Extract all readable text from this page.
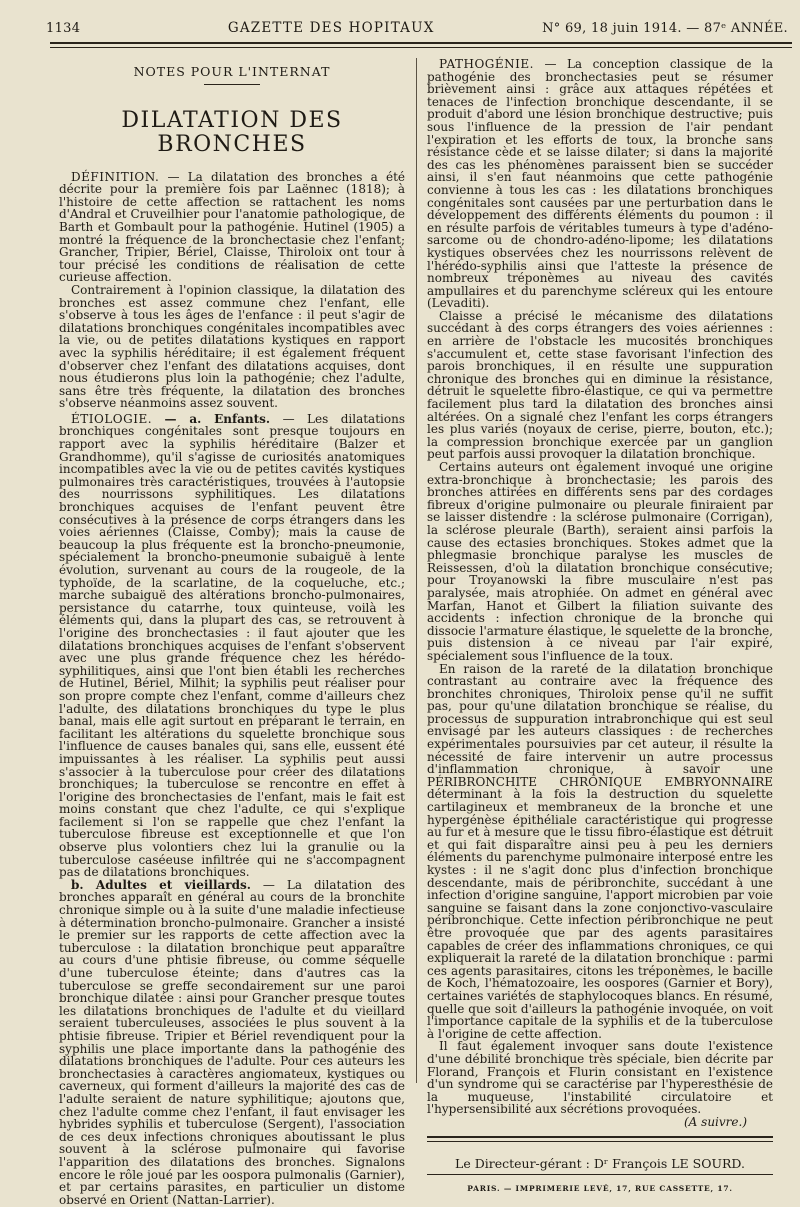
1134	GAZETTE DES HOPITAUX	N° 69, 18 juin 1914. — 87ᵉ ANNÉE.
NOTES POUR L'INTERNAT
DILATATION DES BRONCHES

DÉFINITION. — La dilatation des bronches a été décrite pour la première fois par Laënnec (1818); à l'histoire de cette affection se rattachent les noms d'Andral et Cruveilhier pour l'anatomie pathologique, de Barth et Gombault pour la pathogénie. Hutinel (1905) a montré la fréquence de la bronchectasie chez l'enfant; Grancher, Tripier, Bériel, Claisse, Thiroloix ont tour à tour précisé les conditions de réalisation de cette curieuse affection.

Contrairement à l'opinion classique, la dilatation des bronches est assez commune chez l'enfant, elle s'observe à tous les âges de l'enfance : il peut s'agir de dilatations bronchiques congénitales incompatibles avec la vie, ou de petites dilatations kystiques en rapport avec la syphilis héréditaire; il est également fréquent d'observer chez l'enfant des dilatations acquises, dont nous étudierons plus loin la pathogénie; chez l'adulte, sans être très fréquente, la dilatation des bronches s'observe néanmoins assez souvent.

ÉTIOLOGIE. — a. Enfants. — Les dilatations bronchiques congénitales sont presque toujours en rapport avec la syphilis héréditaire (Balzer et Grandhomme), qu'il s'agisse de curiosités anatomiques incompatibles avec la vie ou de petites cavités kystiques pulmonaires très caractéristiques, trouvées à l'autopsie des nourrissons syphilitiques. Les dilatations bronchiques acquises de l'enfant peuvent être consécutives à la présence de corps étrangers dans les voies aériennes (Claisse, Comby); mais la cause de beaucoup la plus fréquente est la broncho-pneumonie, spécialement la broncho-pneumonie subaiguë à lente évolution, survenant au cours de la rougeole, de la typhoïde, de la scarlatine, de la coqueluche, etc.; marche subaiguë des altérations broncho-pulmonaires, persistance du catarrhe, toux quinteuse, voilà les éléments qui, dans la plupart des cas, se retrouvent à l'origine des bronchectasies : il faut ajouter que les dilatations bronchiques acquises de l'enfant s'observent avec une plus grande fréquence chez les hérédo-syphilitiques, ainsi que l'ont bien établi les recherches de Hutinel, Bériel, Milhit; la syphilis peut réaliser pour son propre compte chez l'enfant, comme d'ailleurs chez l'adulte, des dilatations bronchiques du type le plus banal, mais elle agit surtout en préparant le terrain, en facilitant les altérations du squelette bronchique sous l'influence de causes banales qui, sans elle, eussent été impuissantes à les réaliser. La syphilis peut aussi s'associer à la tuberculose pour créer des dilatations bronchiques; la tuberculose se rencontre en effet à l'origine des bronchectasies de l'enfant, mais le fait est moins constant que chez l'adulte, ce qui s'explique facilement si l'on se rappelle que chez l'enfant la tuberculose fibreuse est exceptionnelle et que l'on observe plus volontiers chez lui la granulie ou la tuberculose caséeuse infiltrée qui ne s'accompagnent pas de dilatations bronchiques.

b. Adultes et vieillards. — La dilatation des bronches apparaît en général au cours de la bronchite chronique simple ou à la suite d'une maladie infectieuse à détermination broncho-pulmonaire. Grancher a insisté le premier sur les rapports de cette affection avec la tuberculose : la dilatation bronchique peut apparaître au cours d'une phtisie fibreuse, ou comme séquelle d'une tuberculose éteinte; dans d'autres cas la tuberculose se greffe secondairement sur une paroi bronchique dilatée : ainsi pour Grancher presque toutes les dilatations bronchiques de l'adulte et du vieillard seraient tuberculeuses, associées le plus souvent à la phtisie fibreuse. Tripier et Bériel revendiquent pour la syphilis une place importante dans la pathogénie des dilatations bronchiques de l'adulte. Pour ces auteurs les bronchectasies à caractères angiomateux, kystiques ou caverneux, qui forment d'ailleurs la majorité des cas de l'adulte seraient de nature syphilitique; ajoutons que, chez l'adulte comme chez l'enfant, il faut envisager les hybrides syphilis et tuberculose (Sergent), l'association de ces deux infections chroniques aboutissant le plus souvent à la sclérose pulmonaire qui favorise l'apparition des dilatations des bronches. Signalons encore le rôle joué par les oospora pulmonalis (Garnier), et par certains parasites, en particulier un distome observé en Orient (Nattan-Larrier).

PATHOGÉNIE. — La conception classique de la pathogénie des bronchectasies peut se résumer brièvement ainsi : grâce aux attaques répétées et tenaces de l'infection bronchique descendante, il se produit d'abord une lésion bronchique destructive; puis sous l'influence de la pression de l'air pendant l'expiration et les efforts de toux, la bronche sans résistance cède et se laisse dilater; si dans la majorité des cas les phénomènes paraissent bien se succéder ainsi, il s'en faut néanmoins que cette pathogénie convienne à tous les cas : les dilatations bronchiques congénitales sont causées par une perturbation dans le développement des différents éléments du poumon : il en résulte parfois de véritables tumeurs à type d'adéno-sarcome ou de chondro-adéno-lipome; les dilatations kystiques observées chez les nourrissons relèvent de l'hérédo-syphilis ainsi que l'atteste la présence de nombreux tréponèmes au niveau des cavités ampullaires et du parenchyme scléreux qui les entoure (Levaditi).

Claisse a précisé le mécanisme des dilatations succédant à des corps étrangers des voies aériennes : en arrière de l'obstacle les mucosités bronchiques s'accumulent et, cette stase favorisant l'infection des parois bronchiques, il en résulte une suppuration chronique des bronches qui en diminue la résistance, détruit le squelette fibro-élastique, ce qui va permettre facilement plus tard la dilatation des bronches ainsi altérées. On a signalé chez l'enfant les corps étrangers les plus variés (noyaux de cerise, pierre, bouton, etc.); la compression bronchique exercée par un ganglion peut parfois aussi provoquer la dilatation bronchique.

Certains auteurs ont également invoqué une origine extra-bronchique à bronchectasie; les parois des bronches attirées en différents sens par des cordages fibreux d'origine pulmonaire ou pleurale finiraient par se laisser distendre : la sclérose pulmonaire (Corrigan), la sclérose pleurale (Barth), seraient ainsi parfois la cause des ectasies bronchiques. Stokes admet que la phlegmasie bronchique paralyse les muscles de Reissessen, d'où la dilatation bronchique consécutive; pour Troyanowski la fibre musculaire n'est pas paralysée, mais atrophiée. On admet en général avec Marfan, Hanot et Gilbert la filiation suivante des accidents : infection chronique de la bronche qui dissocie l'armature élastique, le squelette de la bronche, puis distension à ce niveau par l'air expiré, spécialement sous l'influence de la toux.

En raison de la rareté de la dilatation bronchique contrastant au contraire avec la fréquence des bronchites chroniques, Thiroloix pense qu'il ne suffit pas, pour qu'une dilatation bronchique se réalise, du processus de suppuration intrabronchique qui est seul envisagé par les auteurs classiques : de recherches expérimentales poursuivies par cet auteur, il résulte la nécessité de faire intervenir un autre processus d'inflammation chronique, à savoir une PÉRIBRONCHITE CHRONIQUE EMBRYONNAIRE déterminant à la fois la destruction du squelette cartilagineux et membraneux de la bronche et une hypergénèse épithéliale caractéristique qui progresse au fur et à mesure que le tissu fibro-élastique est détruit et qui fait disparaître ainsi peu à peu les derniers éléments du parenchyme pulmonaire interposé entre les kystes : il ne s'agit donc plus d'infection bronchique descendante, mais de péribronchite, succédant à une infection d'origine sanguine, l'apport microbien par voie sanguine se faisant dans la zone conjonctivo-vasculaire péribronchique. Cette infection péribronchique ne peut être provoquée que par des agents parasitaires capables de créer des inflammations chroniques, ce qui expliquerait la rareté de la dilatation bronchique : parmi ces agents parasitaires, citons les tréponèmes, le bacille de Koch, l'hématozoaire, les oospores (Garnier et Bory), certaines variétés de staphylocoques blancs. En résumé, quelle que soit d'ailleurs la pathogénie invoquée, on voit l'importance capitale de la syphilis et de la tuberculose à l'origine de cette affection.

Il faut également invoquer sans doute l'existence d'une débilité bronchique très spéciale, bien décrite par Florand, François et Flurin consistant en l'existence d'un syndrome qui se caractérise par l'hyperesthésie de la muqueuse, l'instabilité circulatoire et l'hypersensibilité aux sécrétions provoquées.

(A suivre.)

Le Directeur-gérant : Dʳ François LE SOURD.
PARIS. — IMPRIMERIE LEVÉ, 17, RUE CASSETTE, 17.
